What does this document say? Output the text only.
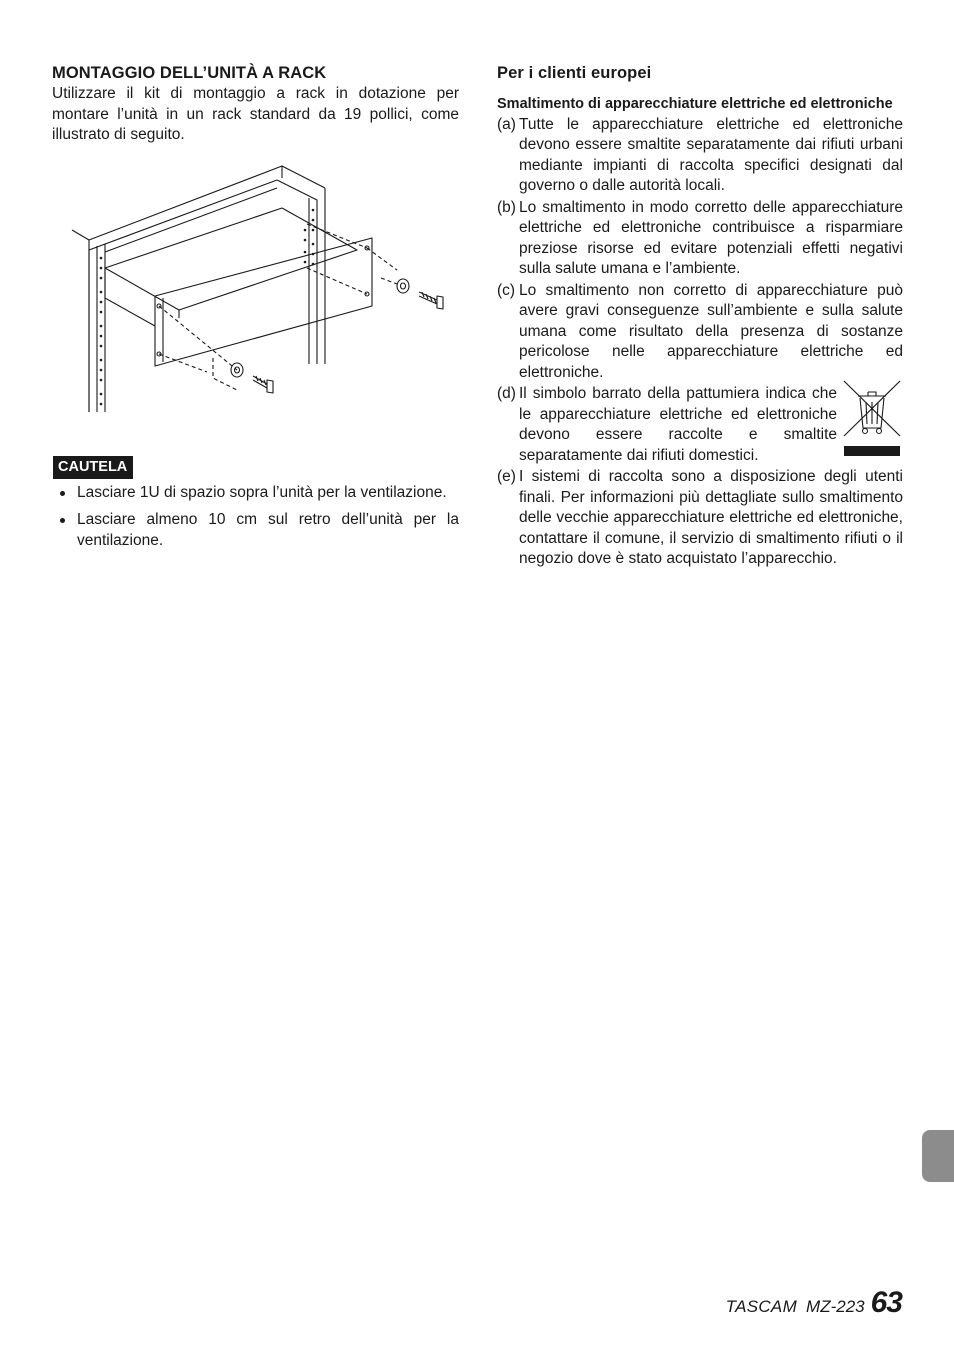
MONTAGGIO DELL’UNITÀ A RACK

Utilizzare il kit di montaggio a rack in dotazione per montare l’unità in un rack standard da 19 pollici, come illustrato di seguito.

CAUTELA
Lasciare 1U di spazio sopra l’unità per la ventilazione.
Lasciare almeno 10 cm sul retro dell’unità per la ventilazione.
Per i clienti europei
Smaltimento di apparecchiature elettriche ed elettroniche
(a) Tutte le apparecchiature elettriche ed elettroniche devono essere smaltite separatamente dai rifiuti urbani mediante impianti di raccolta specifici designati dal governo o dalle autorità locali.
(b) Lo smaltimento in modo corretto delle apparecchiature elettriche ed elettroniche contribuisce a risparmiare preziose risorse ed evitare potenziali effetti negativi sulla salute umana e l’ambiente.
(c) Lo smaltimento non corretto di apparecchiature può avere gravi conseguenze sull’ambiente e sulla salute umana come risultato della presenza di sostanze pericolose nelle apparecchiature elettriche ed elettroniche.
(d) Il simbolo barrato della pattumiera indica che le apparecchiature elettriche ed elettroniche devono essere raccolte e smaltite separatamente dai rifiuti domestici.
(e) I sistemi di raccolta sono a disposizione degli utenti finali. Per informazioni più dettagliate sullo smaltimento delle vecchie apparecchiature elettriche ed elettroniche, contattare il comune, il servizio di smaltimento rifiuti o il negozio dove è stato acquistato l’apparecchio.
TASCAM MZ-223 63
